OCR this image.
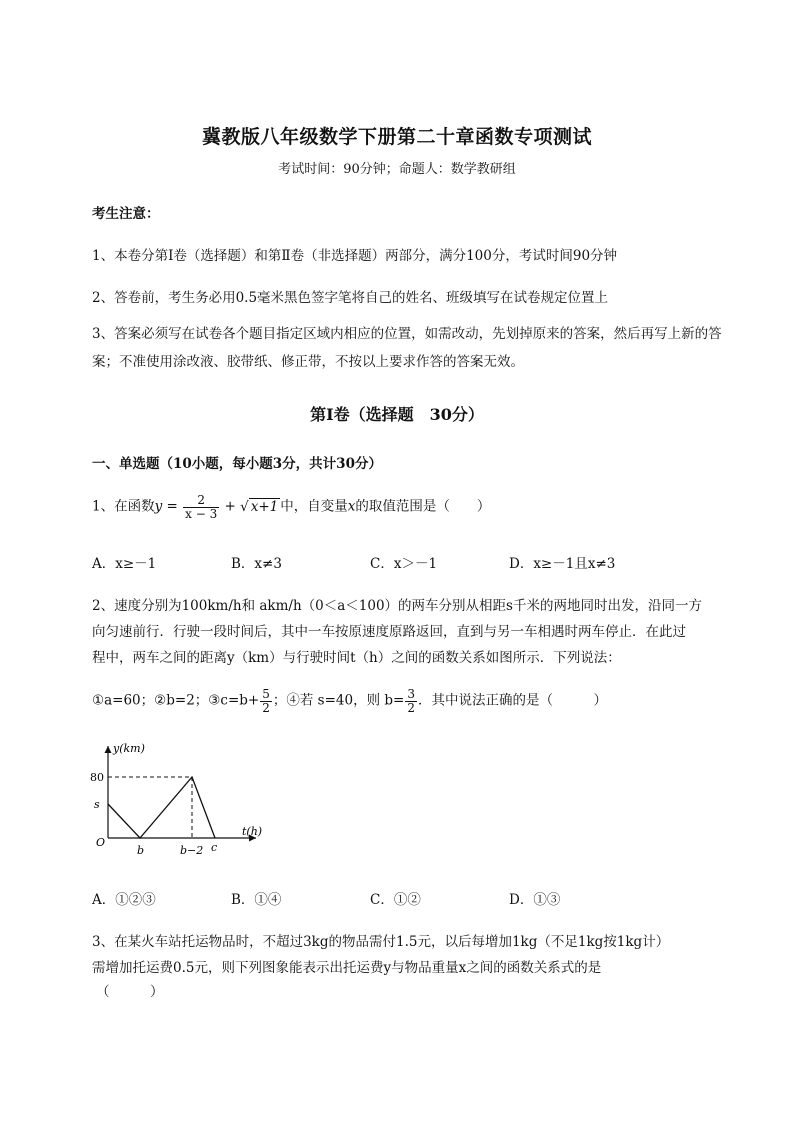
冀教版八年级数学下册第二十章函数专项测试
考试时间：90分钟；命题人：数学教研组
考生注意：
1、本卷分第I卷（选择题）和第Ⅱ卷（非选择题）两部分，满分100分，考试时间90分钟
2、答卷前，考生务必用0.5毫米黑色签字笔将自己的姓名、班级填写在试卷规定位置上
3、答案必须写在试卷各个题目指定区域内相应的位置，如需改动，先划掉原来的答案，然后再写上新的答案；不准使用涂改液、胶带纸、修正带，不按以上要求作答的答案无效。
第I卷（选择题　30分）
一、单选题（10小题，每小题3分，共计30分）
1、在函数$y = \frac{2}{x - 3}$ + √ x+1 中，自变量x的取值范围是（　　）
A．x≥－1	B．x≠3	C．x＞－1	D．x≥－1且x≠3
2、速度分别为100km/h和 akm/h（0＜a＜100）的两车分别从相距s千米的两地同时出发，沿同一方
向匀速前行．行驶一段时间后，其中一车按原速度原路返回，直到与另一车相遇时两车停止．在此过
程中，两车之间的距离y（km）与行驶时间t（h）之间的函数关系如图所示．下列说法：
①a=60；②b=2；③c=b+ $\frac{5}{2}$ ；④若 s=40，则 $b= \frac{3}{2}$ ．其中说法正确的是（　　　）
y(km)
t(h)
80
s
O
b	b−2 c
A．①②③	B．①④	C．①②	D．①③
3、在某火车站托运物品时，不超过3kg的物品需付1.5元，以后每增加1kg（不足1kg按1kg计）
需增加托运费0.5元，则下列图象能表示出托运费y与物品重量x之间的函数关系式的是
（　　　）
